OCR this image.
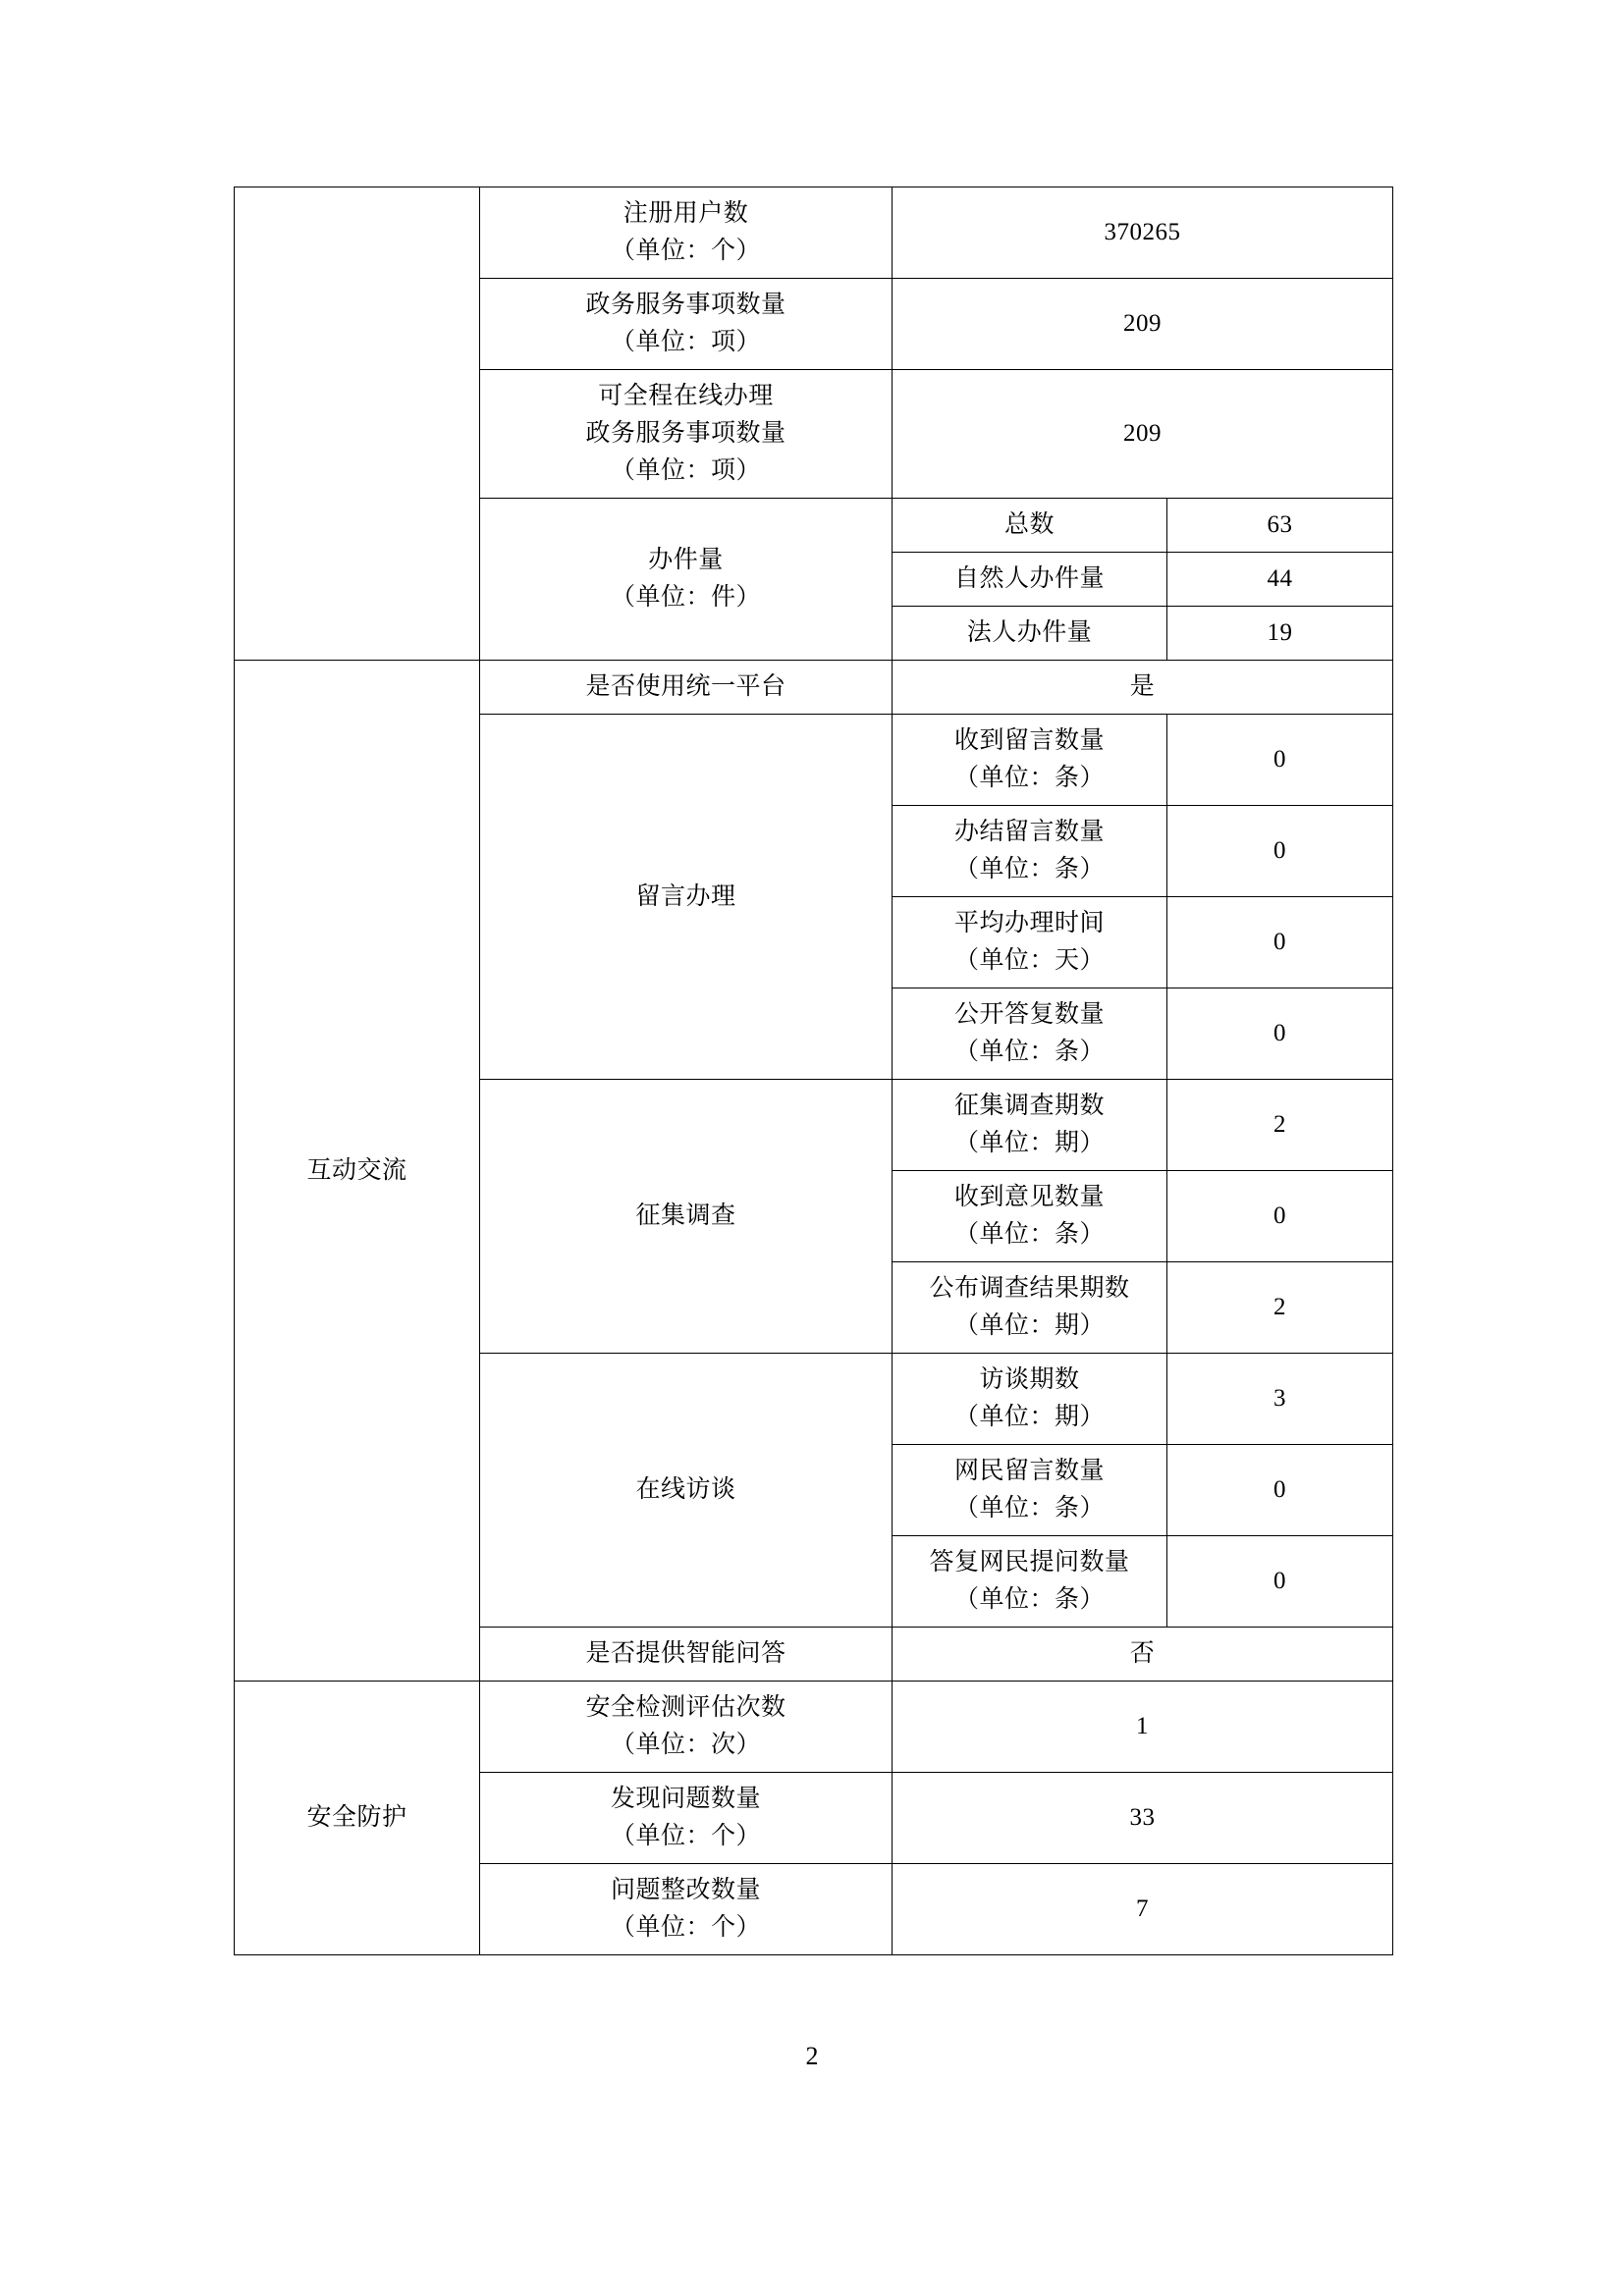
	注册用户数
（单位：个）	370265	
	政务服务事项数量
（单位：项）	209	
	可全程在线办理
政务服务事项数量
（单位：项）	209	
	办件量
（单位：件）	总数	63
		自然人办件量	44
		法人办件量	19
互动交流	是否使用统一平台	是	
	留言办理	收到留言数量
（单位：条）	0
		办结留言数量
（单位：条）	0
		平均办理时间
（单位：天）	0
		公开答复数量
（单位：条）	0
	征集调查	征集调查期数
（单位：期）	2
		收到意见数量
（单位：条）	0
		公布调查结果期数
（单位：期）	2
	在线访谈	访谈期数
（单位：期）	3
		网民留言数量
（单位：条）	0
		答复网民提问数量
（单位：条）	0
	是否提供智能问答	否	
安全防护	安全检测评估次数
（单位：次）	1	
	发现问题数量
（单位：个）	33	
	问题整改数量
（单位：个）	7	
2
